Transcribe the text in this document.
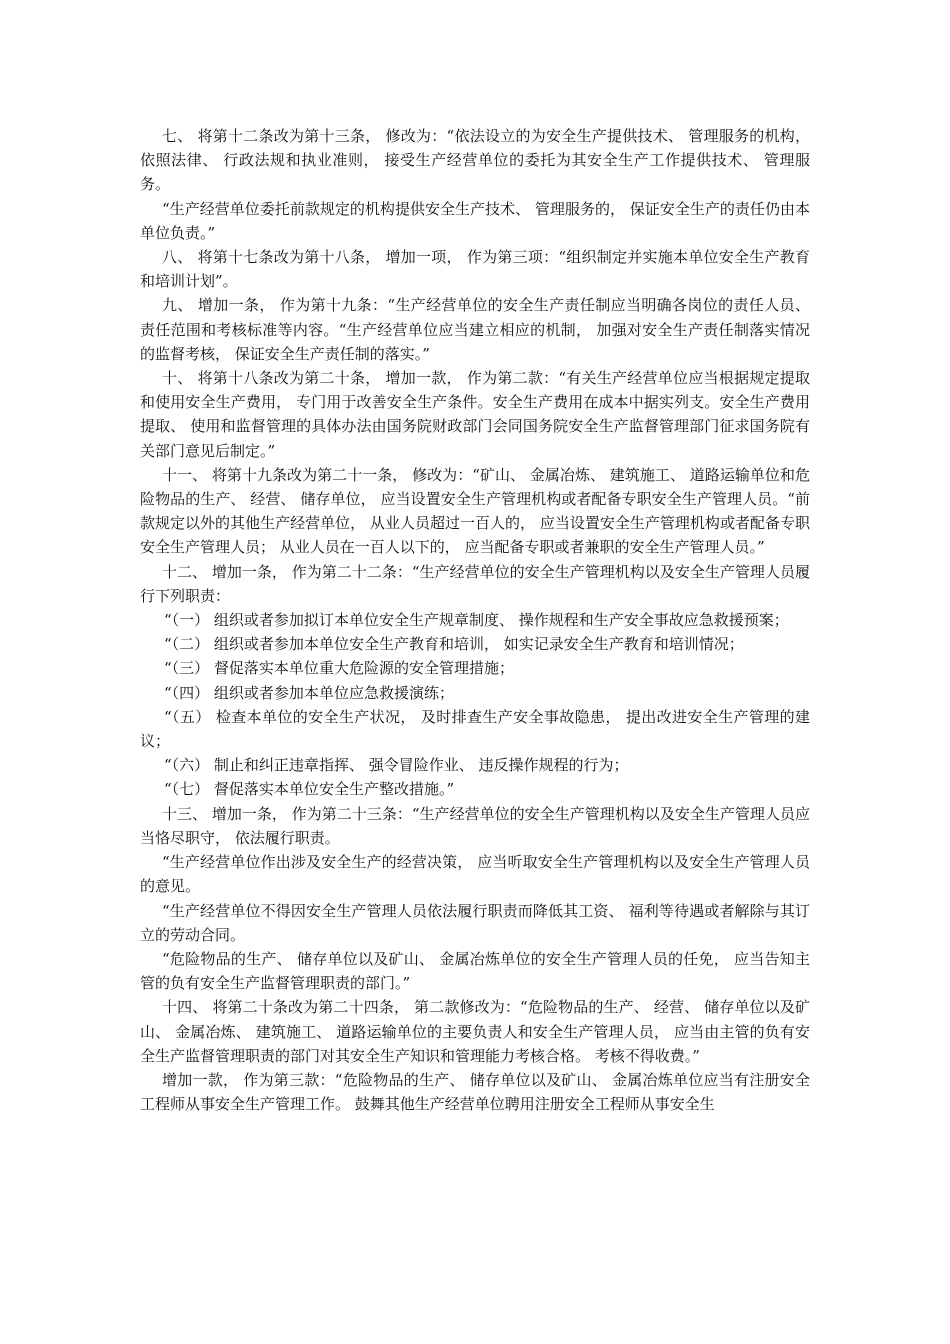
七、 将第十二条改为第十三条， 修改为：“依法设立的为安全生产提供技术、 管理服务的机构， 依照法律、 行政法规和执业准则， 接受生产经营单位的委托为其安全生产工作提供技术、 管理服务。

“生产经营单位委托前款规定的机构提供安全生产技术、 管理服务的， 保证安全生产的责任仍由本单位负责。”

八、 将第十七条改为第十八条， 增加一项， 作为第三项：“组织制定并实施本单位安全生产教育和培训计划”。

九、 增加一条， 作为第十九条：“生产经营单位的安全生产责任制应当明确各岗位的责任人员、 责任范围和考核标准等内容。“生产经营单位应当建立相应的机制， 加强对安全生产责任制落实情况的监督考核， 保证安全生产责任制的落实。”

十、 将第十八条改为第二十条， 增加一款， 作为第二款：“有关生产经营单位应当根据规定提取和使用安全生产费用， 专门用于改善安全生产条件。安全生产费用在成本中据实列支。安全生产费用提取、 使用和监督管理的具体办法由国务院财政部门会同国务院安全生产监督管理部门征求国务院有关部门意见后制定。”

十一、 将第十九条改为第二十一条， 修改为：“矿山、 金属冶炼、 建筑施工、 道路运输单位和危险物品的生产、 经营、 储存单位， 应当设置安全生产管理机构或者配备专职安全生产管理人员。“前款规定以外的其他生产经营单位， 从业人员超过一百人的， 应当设置安全生产管理机构或者配备专职安全生产管理人员； 从业人员在一百人以下的， 应当配备专职或者兼职的安全生产管理人员。”

十二、 增加一条， 作为第二十二条：“生产经营单位的安全生产管理机构以及安全生产管理人员履行下列职责：

“（一） 组织或者参加拟订本单位安全生产规章制度、 操作规程和生产安全事故应急救援预案；

“（二） 组织或者参加本单位安全生产教育和培训， 如实记录安全生产教育和培训情况；

“（三） 督促落实本单位重大危险源的安全管理措施；

“（四） 组织或者参加本单位应急救援演练；

“（五） 检查本单位的安全生产状况， 及时排查生产安全事故隐患， 提出改进安全生产管理的建议；

“（六） 制止和纠正违章指挥、 强令冒险作业、 违反操作规程的行为；

“（七） 督促落实本单位安全生产整改措施。”

十三、 增加一条， 作为第二十三条：“生产经营单位的安全生产管理机构以及安全生产管理人员应当恪尽职守， 依法履行职责。

“生产经营单位作出涉及安全生产的经营决策， 应当听取安全生产管理机构以及安全生产管理人员的意见。

“生产经营单位不得因安全生产管理人员依法履行职责而降低其工资、 福利等待遇或者解除与其订立的劳动合同。

“危险物品的生产、 储存单位以及矿山、 金属冶炼单位的安全生产管理人员的任免， 应当告知主管的负有安全生产监督管理职责的部门。”

十四、 将第二十条改为第二十四条， 第二款修改为：“危险物品的生产、 经营、 储存单位以及矿山、 金属冶炼、 建筑施工、 道路运输单位的主要负责人和安全生产管理人员， 应当由主管的负有安全生产监督管理职责的部门对其安全生产知识和管理能力考核合格。 考核不得收费。”

增加一款， 作为第三款：“危险物品的生产、 储存单位以及矿山、 金属冶炼单位应当有注册安全工程师从事安全生产管理工作。 鼓舞其他生产经营单位聘用注册安全工程师从事安全生
